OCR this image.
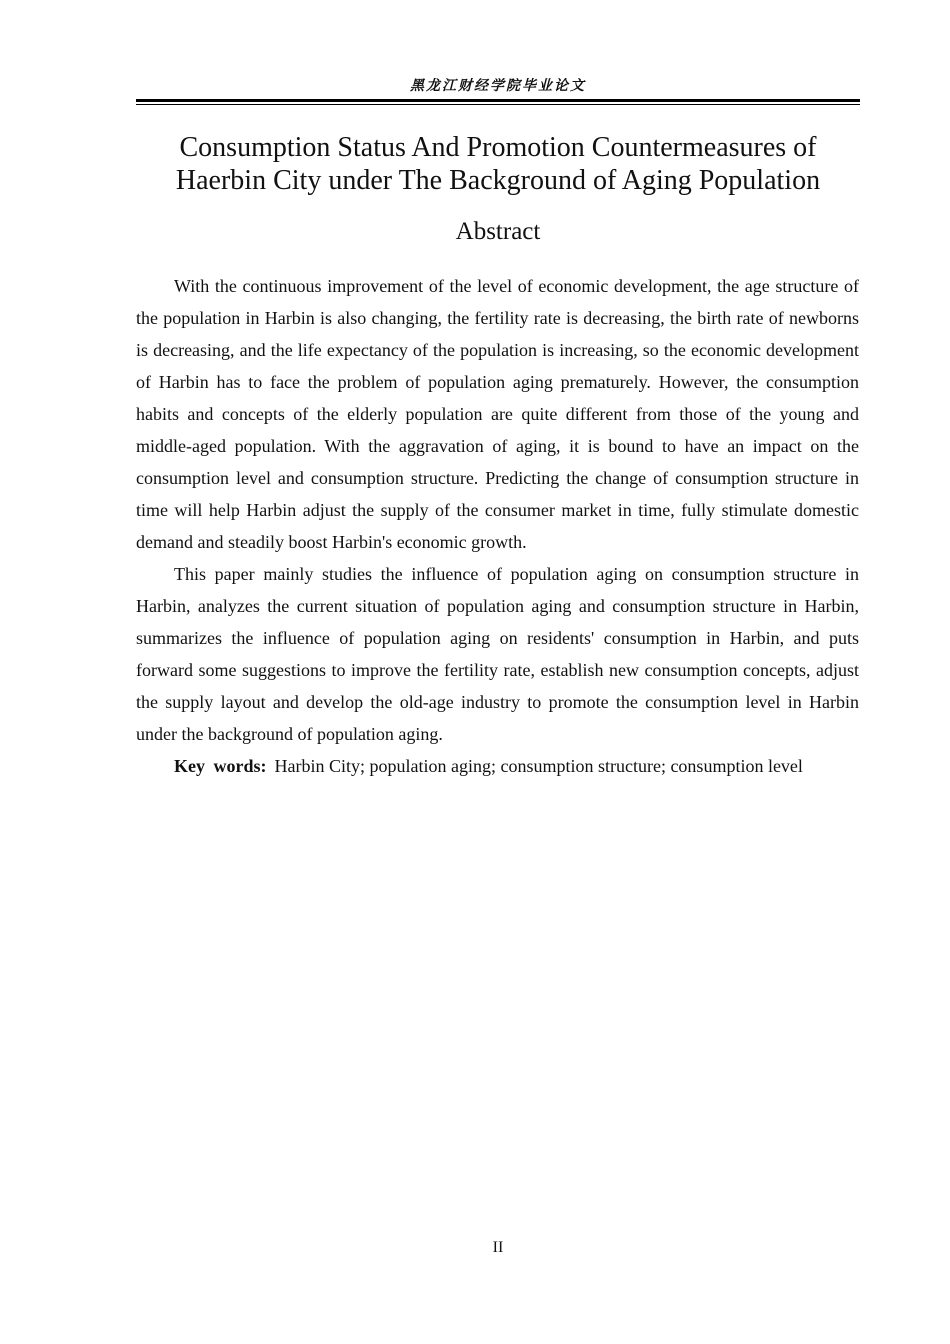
黑龙江财经学院毕业论文
Consumption Status And Promotion Countermeasures of
Haerbin City under The Background of Aging Population
Abstract

With the continuous improvement of the level of economic development, the age structure of the population in Harbin is also changing, the fertility rate is decreasing, the birth rate of newborns is decreasing, and the life expectancy of the population is increasing, so the economic development of Harbin has to face the problem of population aging prematurely. However, the consumption habits and concepts of the elderly population are quite different from those of the young and middle-aged population. With the aggravation of aging, it is bound to have an impact on the consumption level and consumption structure. Predicting the change of consumption structure in time will help Harbin adjust the supply of the consumer market in time, fully stimulate domestic demand and steadily boost Harbin's economic growth.

This paper mainly studies the influence of population aging on consumption structure in Harbin, analyzes the current situation of population aging and consumption structure in Harbin, summarizes the influence of population aging on residents' consumption in Harbin, and puts forward some suggestions to improve the fertility rate, establish new consumption concepts, adjust the supply layout and develop the old-age industry to promote the consumption level in Harbin under the background of population aging.

Key words: Harbin City; population aging; consumption structure; consumption level

II
